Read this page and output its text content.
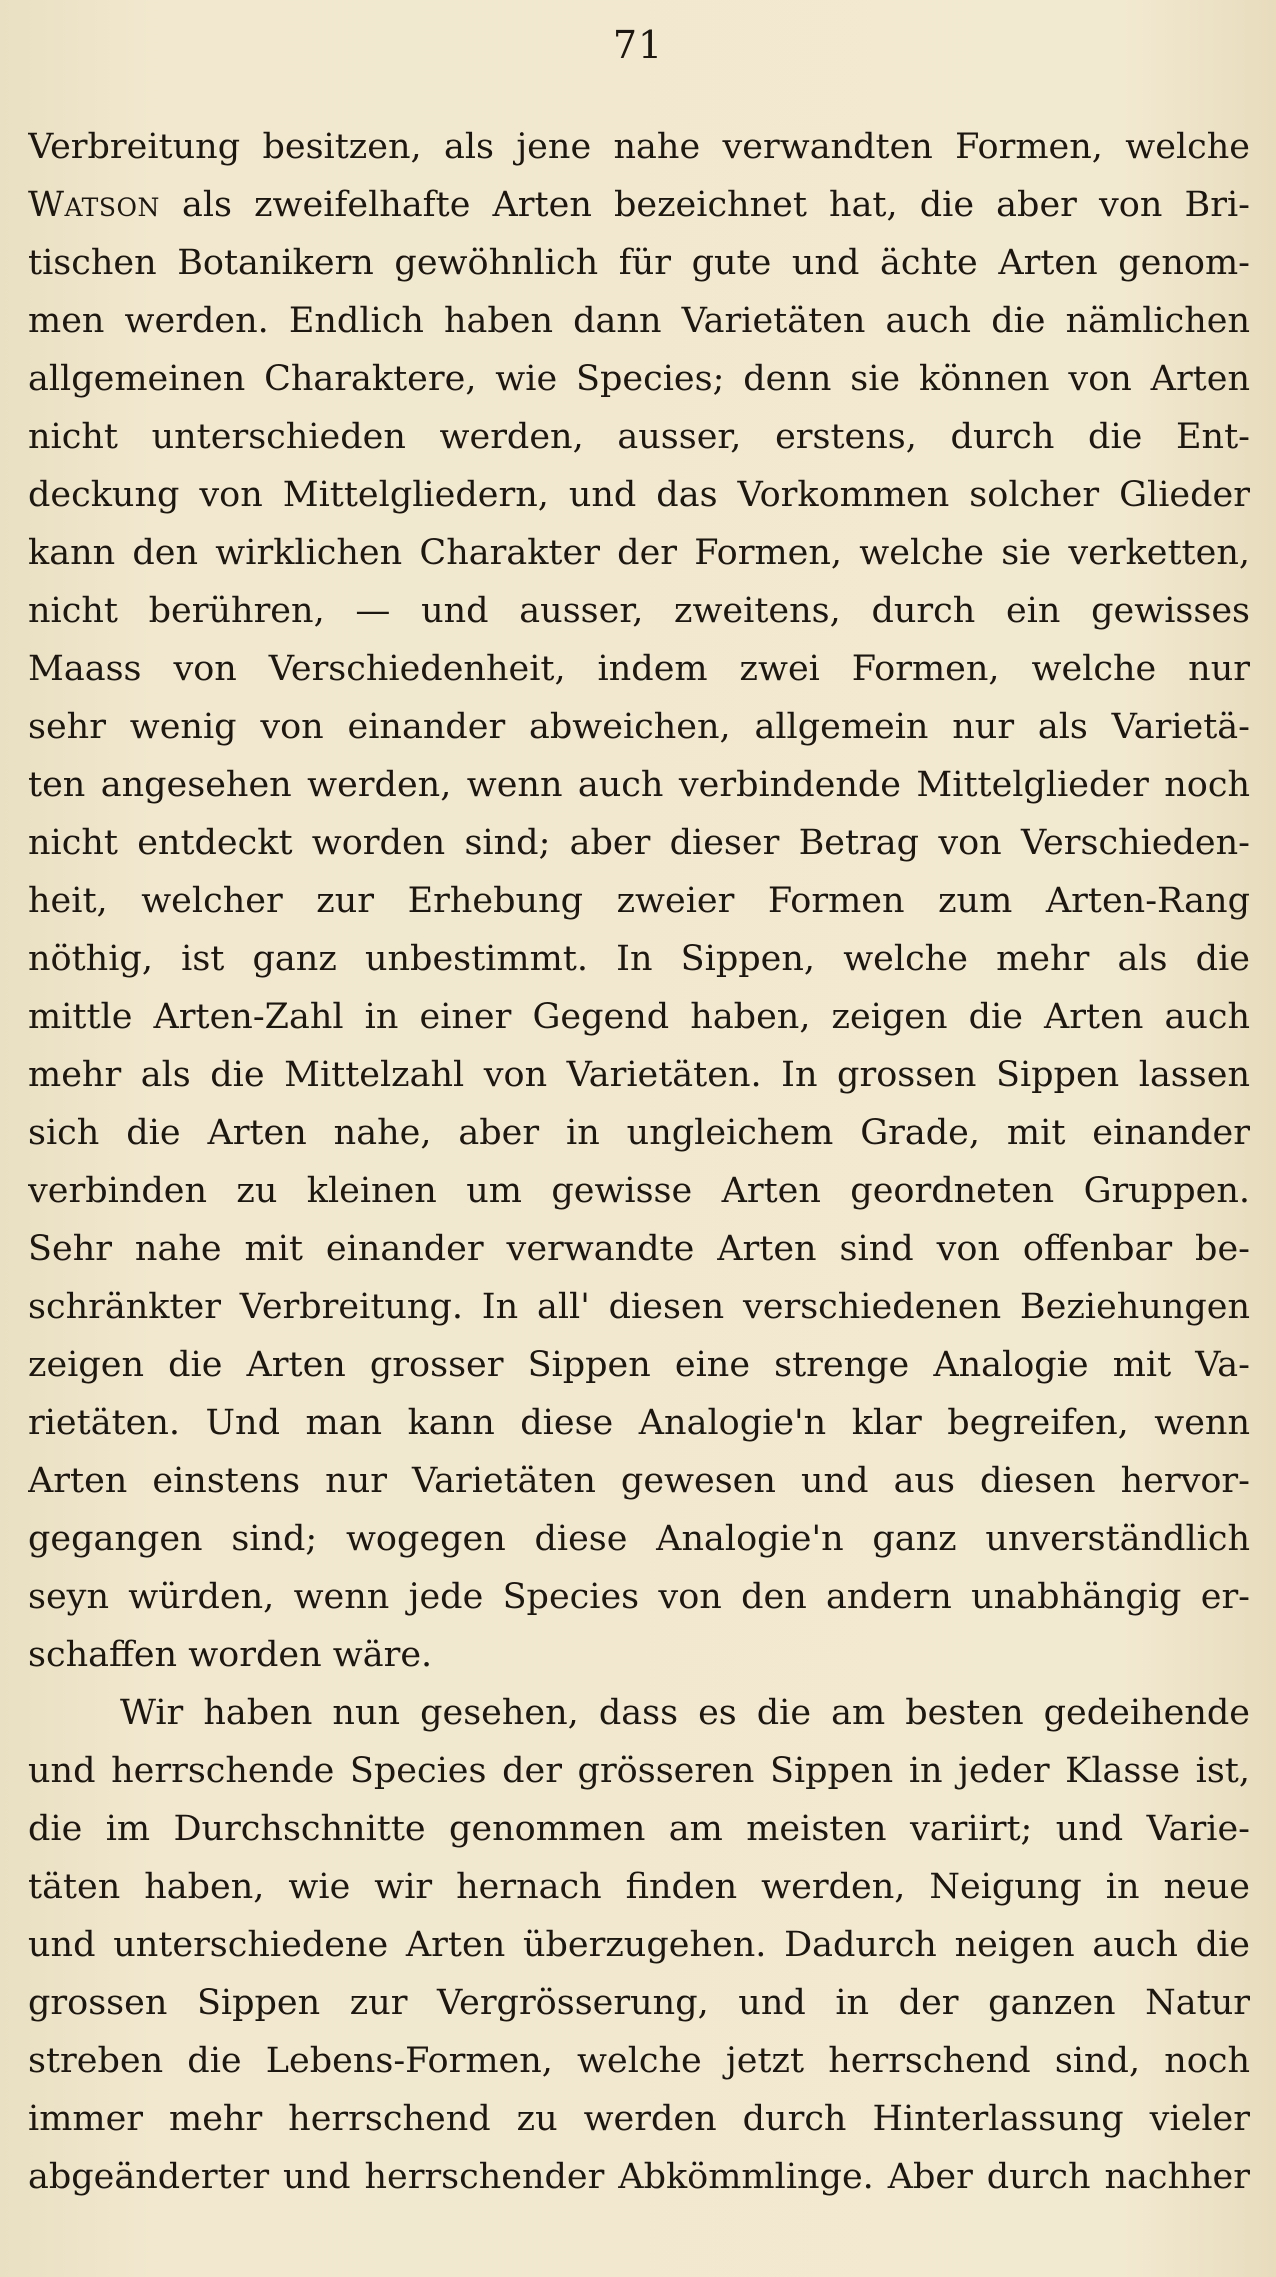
71
Verbreitung besitzen, als jene nahe verwandten Formen, welche
Watson als zweifelhafte Arten bezeichnet hat, die aber von Bri-
tischen Botanikern gewöhnlich für gute und ächte Arten genom-
men werden. Endlich haben dann Varietäten auch die nämlichen
allgemeinen Charaktere, wie Species; denn sie können von Arten
nicht unterschieden werden, ausser, erstens, durch die Ent-
deckung von Mittelgliedern, und das Vorkommen solcher Glieder
kann den wirklichen Charakter der Formen, welche sie verketten,
nicht berühren, — und ausser, zweitens, durch ein gewisses
Maass von Verschiedenheit, indem zwei Formen, welche nur
sehr wenig von einander abweichen, allgemein nur als Varietä-
ten angesehen werden, wenn auch verbindende Mittelglieder noch
nicht entdeckt worden sind; aber dieser Betrag von Verschieden-
heit, welcher zur Erhebung zweier Formen zum Arten-Rang
nöthig, ist ganz unbestimmt. In Sippen, welche mehr als die
mittle Arten-Zahl in einer Gegend haben, zeigen die Arten auch
mehr als die Mittelzahl von Varietäten. In grossen Sippen lassen
sich die Arten nahe, aber in ungleichem Grade, mit einander
verbinden zu kleinen um gewisse Arten geordneten Gruppen.
Sehr nahe mit einander verwandte Arten sind von offenbar be-
schränkter Verbreitung. In all' diesen verschiedenen Beziehungen
zeigen die Arten grosser Sippen eine strenge Analogie mit Va-
rietäten. Und man kann diese Analogie'n klar begreifen, wenn
Arten einstens nur Varietäten gewesen und aus diesen hervor-
gegangen sind; wogegen diese Analogie'n ganz unverständlich
seyn würden, wenn jede Species von den andern unabhängig er-
schaffen worden wäre.
Wir haben nun gesehen, dass es die am besten gedeihende
und herrschende Species der grösseren Sippen in jeder Klasse ist,
die im Durchschnitte genommen am meisten variirt; und Varie-
täten haben, wie wir hernach finden werden, Neigung in neue
und unterschiedene Arten überzugehen. Dadurch neigen auch die
grossen Sippen zur Vergrösserung, und in der ganzen Natur
streben die Lebens-Formen, welche jetzt herrschend sind, noch
immer mehr herrschend zu werden durch Hinterlassung vieler
abgeänderter und herrschender Abkömmlinge. Aber durch nachher
